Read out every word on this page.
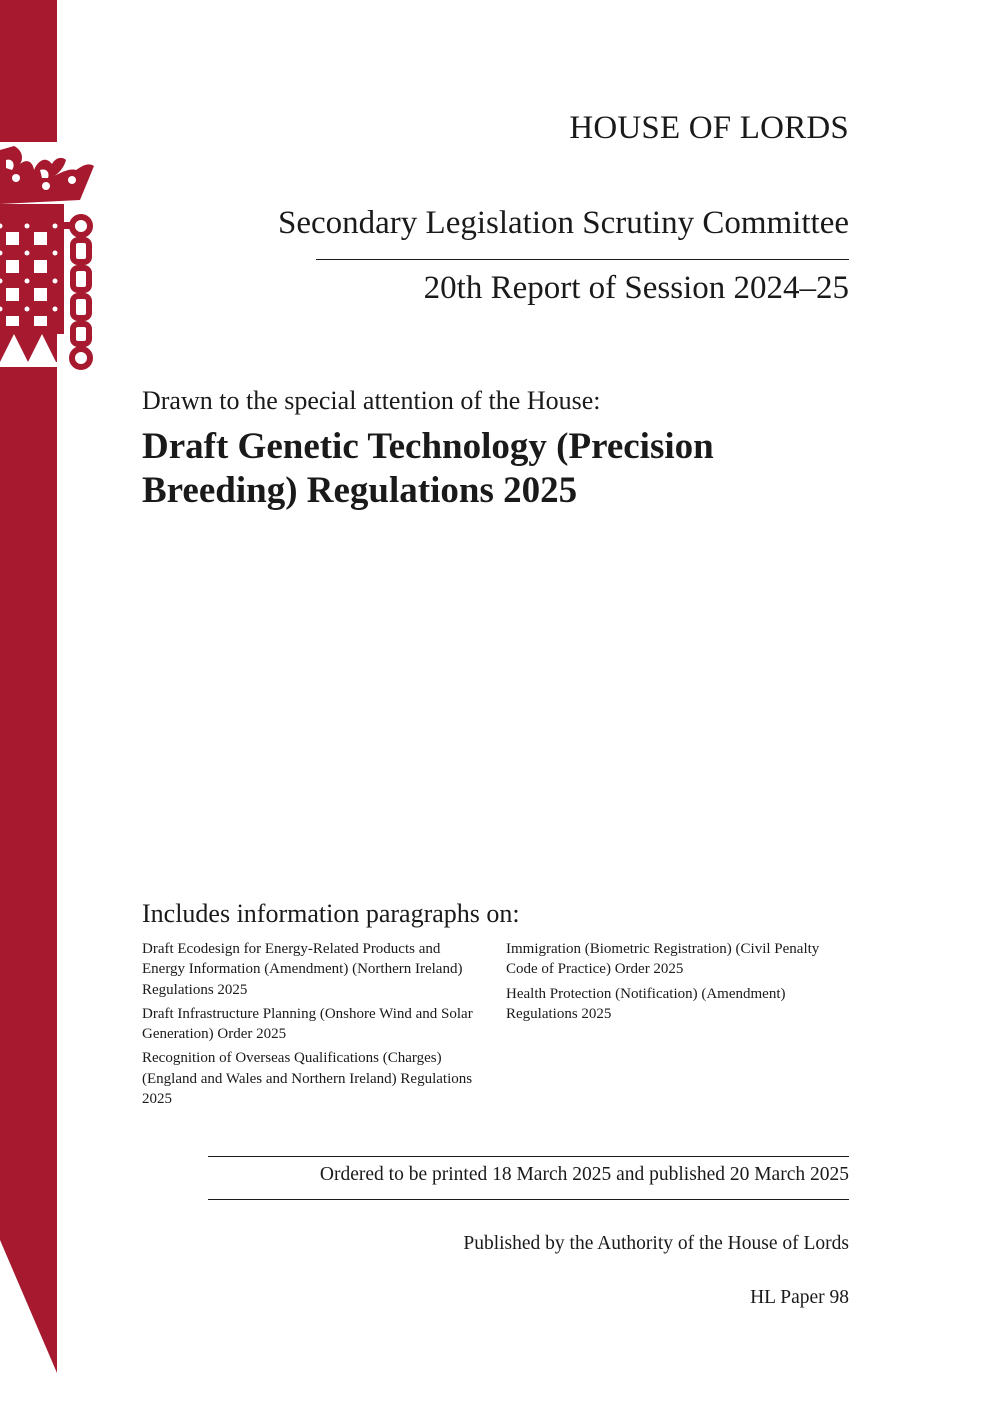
HOUSE OF LORDS
Secondary Legislation Scrutiny Committee
20th Report of Session 2024–25
Drawn to the special attention of the House:
Draft Genetic Technology (Precision Breeding) Regulations 2025
Includes information paragraphs on:
Draft Ecodesign for Energy-Related Products and Energy Information (Amendment) (Northern Ireland) Regulations 2025
Draft Infrastructure Planning (Onshore Wind and Solar Generation) Order 2025
Recognition of Overseas Qualifications (Charges) (England and Wales and Northern Ireland) Regulations 2025
Immigration (Biometric Registration) (Civil Penalty Code of Practice) Order 2025
Health Protection (Notification) (Amendment) Regulations 2025
Ordered to be printed 18 March 2025 and published 20 March 2025
Published by the Authority of the House of Lords
HL Paper 98
